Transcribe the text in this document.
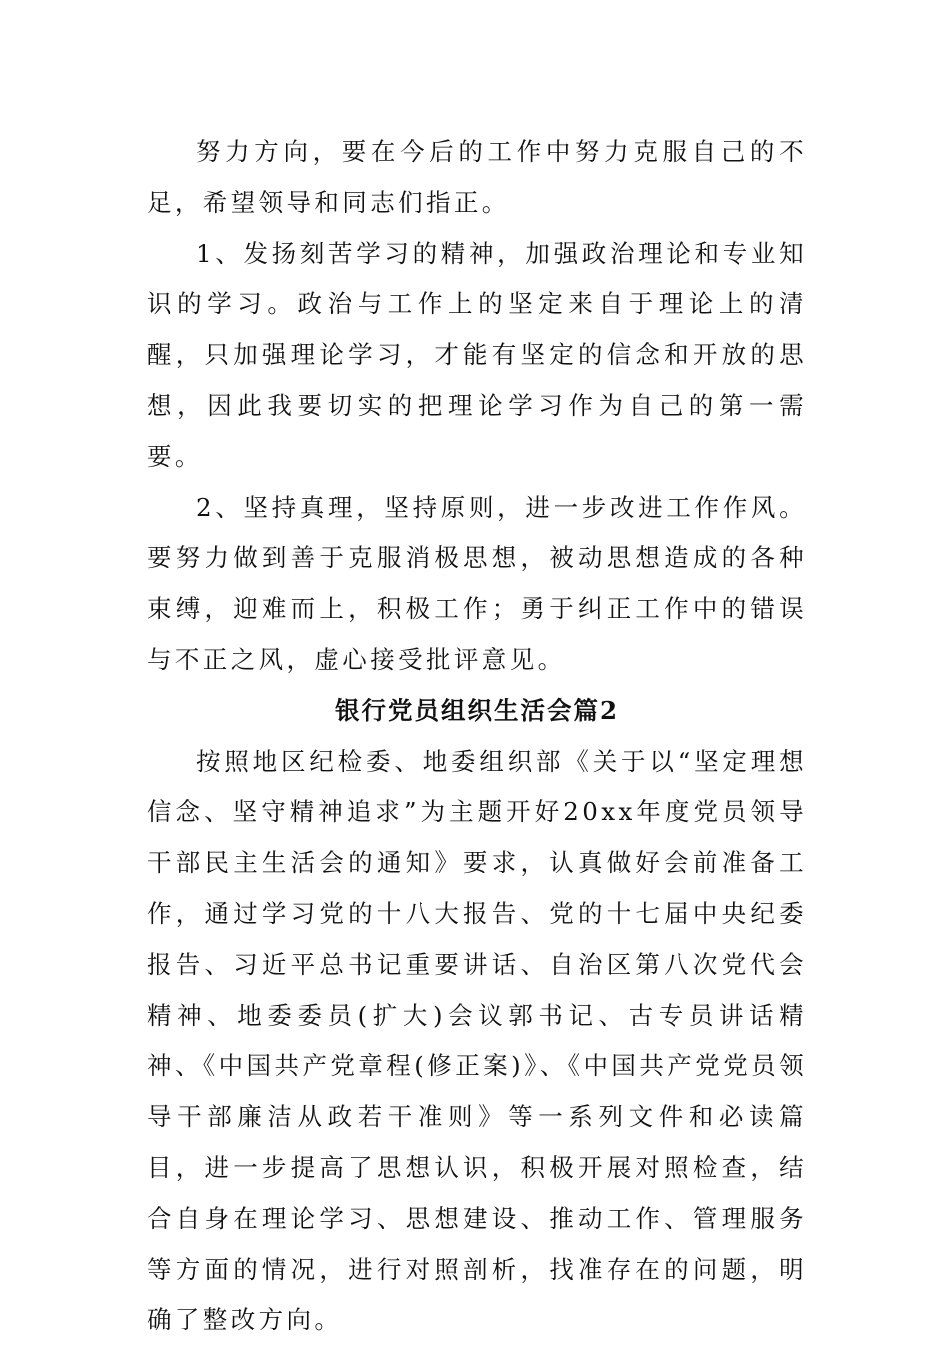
努力方向，要在今后的工作中努力克服自己的不足，希望领导和同志们指正。

1、发扬刻苦学习的精神，加强政治理论和专业知识的学习。政治与工作上的坚定来自于理论上的清醒，只加强理论学习，才能有坚定的信念和开放的思想，因此我要切实的把理论学习作为自己的第一需要。

2、坚持真理，坚持原则，进一步改进工作作风。要努力做到善于克服消极思想，被动思想造成的各种束缚，迎难而上，积极工作；勇于纠正工作中的错误与不正之风，虚心接受批评意见。

银行党员组织生活会篇2

按照地区纪检委、地委组织部《关于以“坚定理想信念、坚守精神追求”为主题开好20xx年度党员领导干部民主生活会的通知》要求，认真做好会前准备工作，通过学习党的十八大报告、党的十七届中央纪委报告、习近平总书记重要讲话、自治区第八次党代会精神、地委委员(扩大)会议郭书记、古专员讲话精神、《中国共产党章程(修正案)》、《中国共产党党员领导干部廉洁从政若干准则》等一系列文件和必读篇目，进一步提高了思想认识，积极开展对照检查，结合自身在理论学习、思想建设、推动工作、管理服务等方面的情况，进行对照剖析，找准存在的问题，明确了整改方向。
